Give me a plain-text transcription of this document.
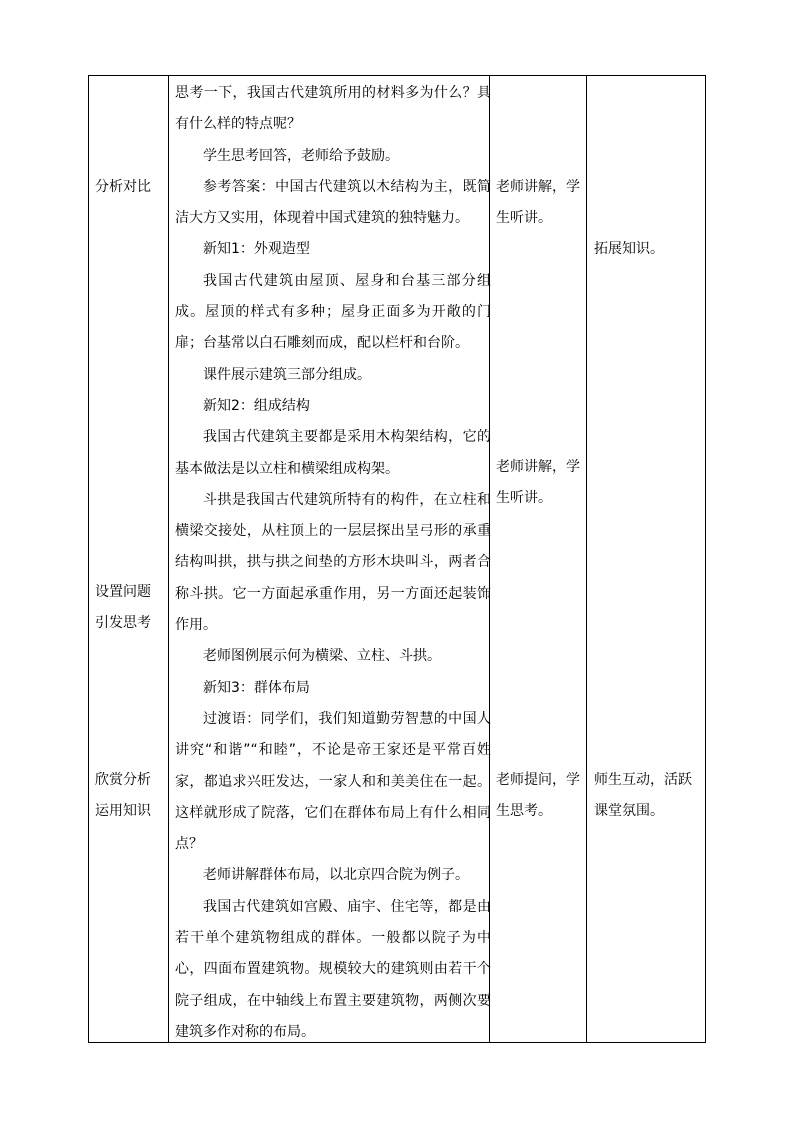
分析对比
设置问题
引发思考
欣赏分析
运用知识

思考一下，我国古代建筑所用的材料多为什么？具有什么样的特点呢？

学生思考回答，老师给予鼓励。

参考答案：中国古代建筑以木结构为主，既简洁大方又实用，体现着中国式建筑的独特魅力。

新知1：外观造型

我国古代建筑由屋顶、屋身和台基三部分组成。屋顶的样式有多种；屋身正面多为开敞的门扉；台基常以白石雕刻而成，配以栏杆和台阶。

课件展示建筑三部分组成。

新知2：组成结构

我国古代建筑主要都是采用木构架结构，它的基本做法是以立柱和横梁组成构架。

斗拱是我国古代建筑所特有的构件，在立柱和横梁交接处，从柱顶上的一层层探出呈弓形的承重结构叫拱，拱与拱之间垫的方形木块叫斗，两者合称斗拱。它一方面起承重作用，另一方面还起装饰作用。

老师图例展示何为横梁、立柱、斗拱。

新知3：群体布局

过渡语：同学们，我们知道勤劳智慧的中国人讲究“和谐”“和睦”，不论是帝王家还是平常百姓家，都追求兴旺发达，一家人和和美美住在一起。这样就形成了院落，它们在群体布局上有什么相同点？

老师讲解群体布局，以北京四合院为例子。

我国古代建筑如宫殿、庙宇、住宅等，都是由若干单个建筑物组成的群体。一般都以院子为中心，四面布置建筑物。规模较大的建筑则由若干个院子组成，在中轴线上布置主要建筑物，两侧次要建筑多作对称的布局。

老师讲解，学
生听讲。
老师讲解，学
生听讲。
老师提问，学
生思考。
拓展知识。
师生互动，活跃
课堂氛围。
